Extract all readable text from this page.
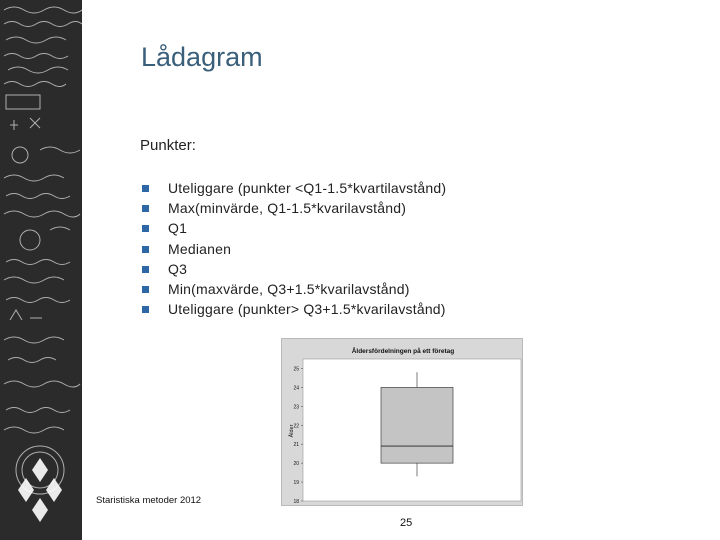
Lådagram
Punkter:
Uteliggare (punkter <Q1-1.5*kvartilavstånd)
Max(minvärde, Q1-1.5*kvarilavstånd)
Q1
Medianen
Q3
Min(maxvärde, Q3+1.5*kvarilavstånd)
Uteliggare (punkter> Q3+1.5*kvarilavstånd)
Åldersfördelningen på ett företag
Ålder
18
19
20
21
22
23
24
25
Staristiska metoder 2012
25
